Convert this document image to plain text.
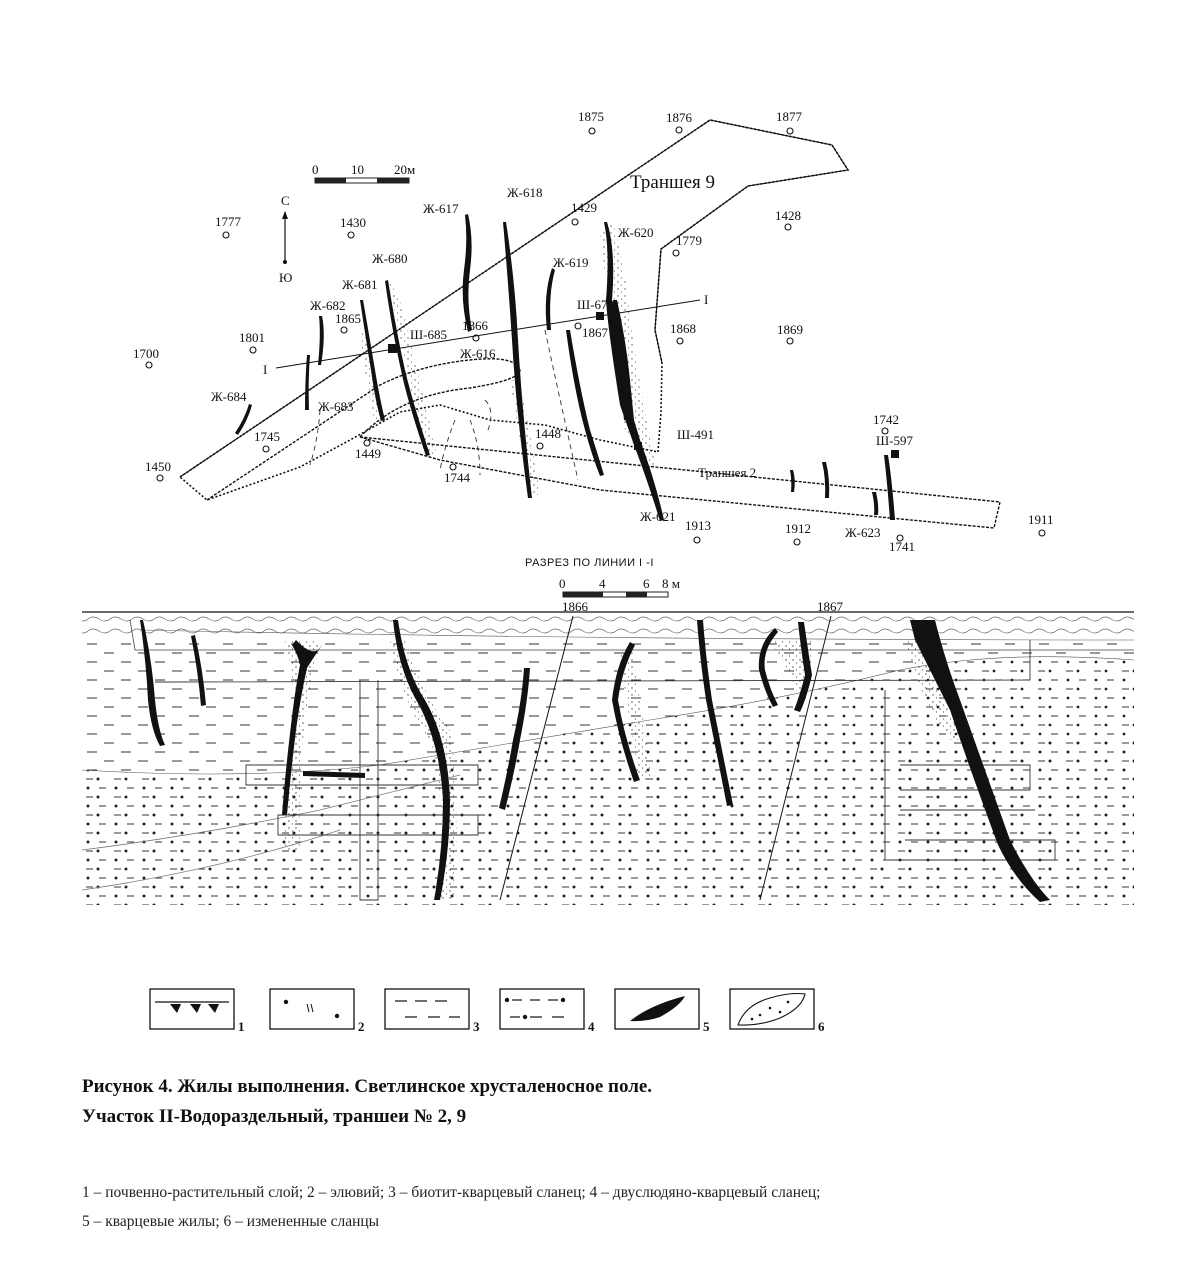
0	10 20м
С
Ю
Траншея 9
Траншея 2
I
I
Ж-617
Ж-618
Ж-620
Ж-619
Ж-680
Ж-681
Ж-682
Ж-616
Ж-683
Ж-684
Ж-621
Ж-623
Ш-679
Ш-685
Ш-491	Ш-597
1875	1876	1877
1777	1430
1429
1779
1428
1801
1865	1866	1867	1868	1869
1700
1745
1449
1744
1448
1742
1450
1913	1912
1741
1911
РАЗРЕЗ ПО ЛИНИИ I -I
0	4	6 8 м
1866	1867
1	2	3	4	5	6
Рисунок 4. Жилы выполнения. Светлинское хрусталеносное поле.
Участок II-Водораздельный, траншеи № 2, 9
1 – почвенно-растительный слой; 2 – элювий; 3 – биотит-кварцевый сланец; 4 – двуслюдяно-кварцевый сланец;
5 – кварцевые жилы; 6 – измененные сланцы
